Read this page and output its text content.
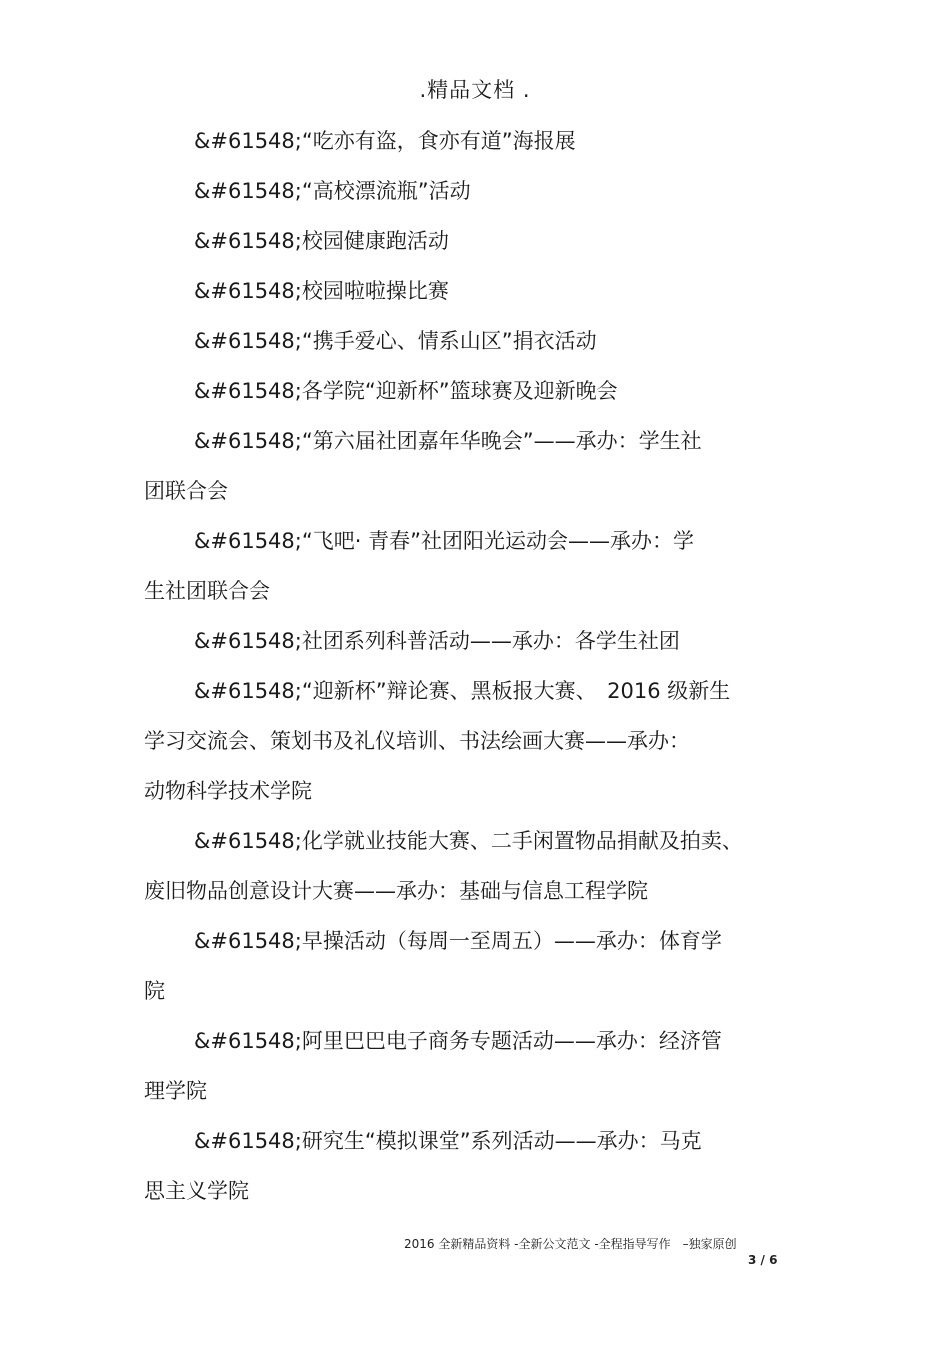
.精品文档 .
&#61548;“吃亦有盗，食亦有道”海报展
&#61548;“高校漂流瓶”活动
&#61548;校园健康跑活动
&#61548;校园啦啦操比赛
&#61548;“携手爱心、情系山区”捐衣活动
&#61548;各学院“迎新杯”篮球赛及迎新晚会
&#61548;“第六届社团嘉年华晚会”——承办：学生社
团联合会
&#61548;“飞吧· 青春”社团阳光运动会——承办：学
生社团联合会
&#61548;社团系列科普活动——承办：各学生社团
&#61548;“迎新杯”辩论赛、黑板报大赛、　2016 级新生
学习交流会、策划书及礼仪培训、书法绘画大赛——承办：
动物科学技术学院
&#61548;化学就业技能大赛、二手闲置物品捐献及拍卖、
废旧物品创意设计大赛——承办：基础与信息工程学院
&#61548;早操活动（每周一至周五）——承办：体育学
院
&#61548;阿里巴巴电子商务专题活动——承办：经济管
理学院
&#61548;研究生“模拟课堂”系列活动——承办：马克
思主义学院
2016 全新精品资料 -全新公文范文 -全程指导写作　–独家原创
3 / 6
